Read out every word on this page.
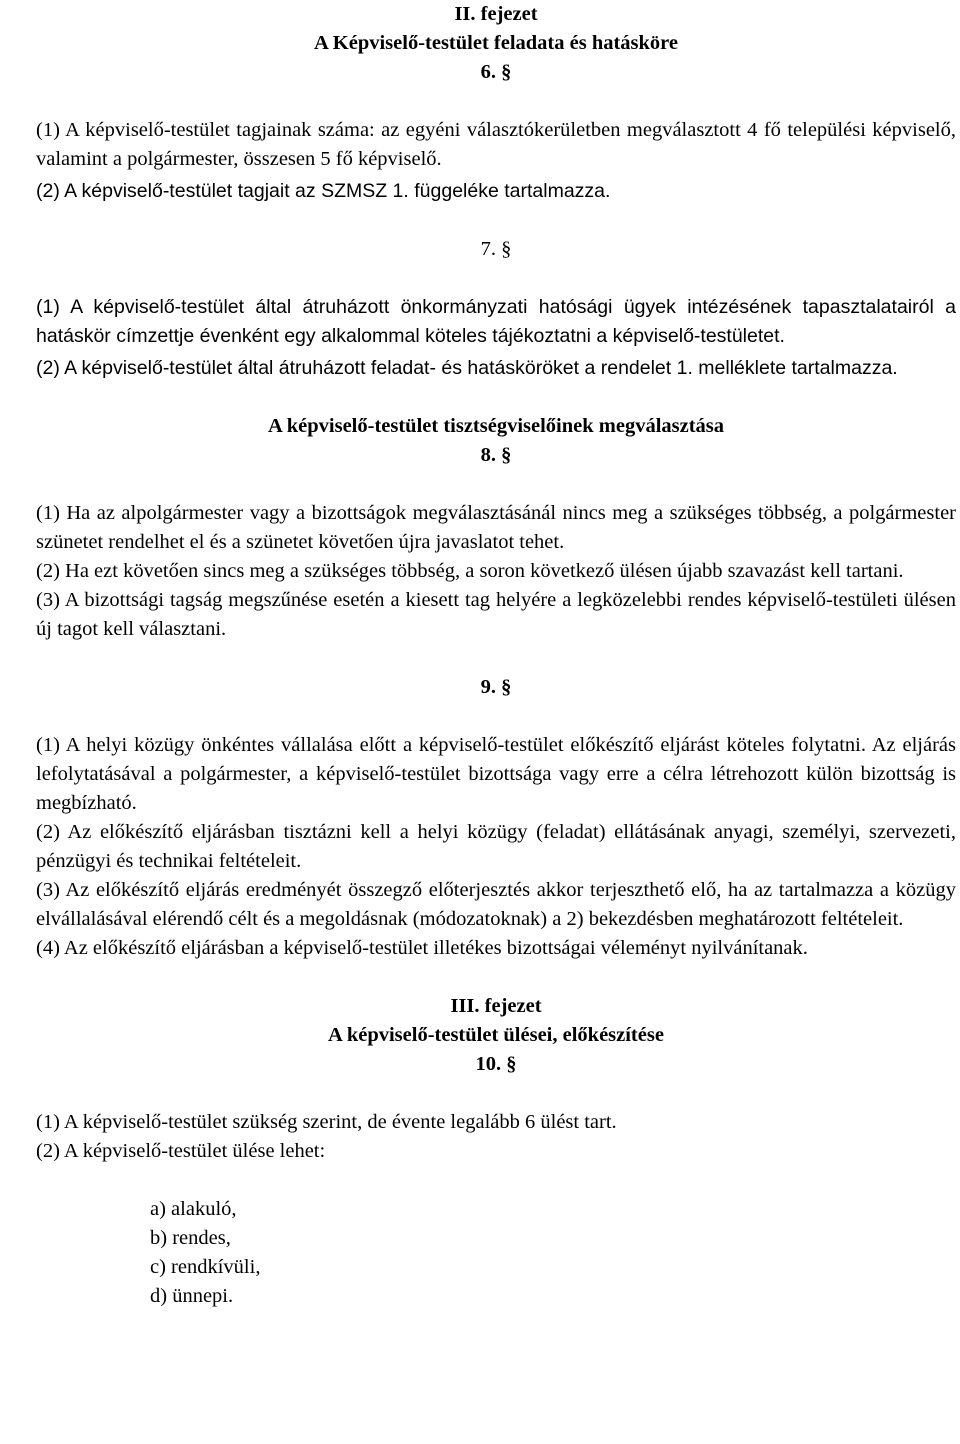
II. fejezet
A Képviselő-testület feladata és hatásköre
6. §

(1) A képviselő-testület tagjainak száma: az egyéni választókerületben megválasztott 4 fő települési képviselő, valamint a polgármester, összesen 5 fő képviselő.

(2) A képviselő-testület tagjait az SZMSZ 1. függeléke tartalmazza.

7. §

(1) A képviselő-testület által átruházott önkormányzati hatósági ügyek intézésének tapasztalatairól a hatáskör címzettje évenként egy alkalommal köteles tájékoztatni a képviselő-testületet.

(2) A képviselő-testület által átruházott feladat- és hatásköröket a rendelet 1. melléklete tartalmazza.

A képviselő-testület tisztségviselőinek megválasztása
8. §

(1) Ha az alpolgármester vagy a bizottságok megválasztásánál nincs meg a szükséges többség, a polgármester szünetet rendelhet el és a szünetet követően újra javaslatot tehet.

(2) Ha ezt követően sincs meg a szükséges többség, a soron következő ülésen újabb szavazást kell tartani.

(3) A bizottsági tagság megszűnése esetén a kiesett tag helyére a legközelebbi rendes képviselő-testületi ülésen új tagot kell választani.

9. §

(1) A helyi közügy önkéntes vállalása előtt a képviselő-testület előkészítő eljárást köteles folytatni. Az eljárás lefolytatásával a polgármester, a képviselő-testület bizottsága vagy erre a célra létrehozott külön bizottság is megbízható.

(2) Az előkészítő eljárásban tisztázni kell a helyi közügy (feladat) ellátásának anyagi, személyi, szervezeti, pénzügyi és technikai feltételeit.

(3) Az előkészítő eljárás eredményét összegző előterjesztés akkor terjeszthető elő, ha az tartalmazza a közügy elvállalásával elérendő célt és a megoldásnak (módozatoknak) a 2) bekezdésben meghatározott feltételeit.

(4) Az előkészítő eljárásban a képviselő-testület illetékes bizottságai véleményt nyilvánítanak.

III. fejezet
A képviselő-testület ülései, előkészítése
10. §

(1) A képviselő-testület szükség szerint, de évente legalább 6 ülést tart.

(2) A képviselő-testület ülése lehet:

a) alakuló,
b) rendes,
c) rendkívüli,
d) ünnepi.
